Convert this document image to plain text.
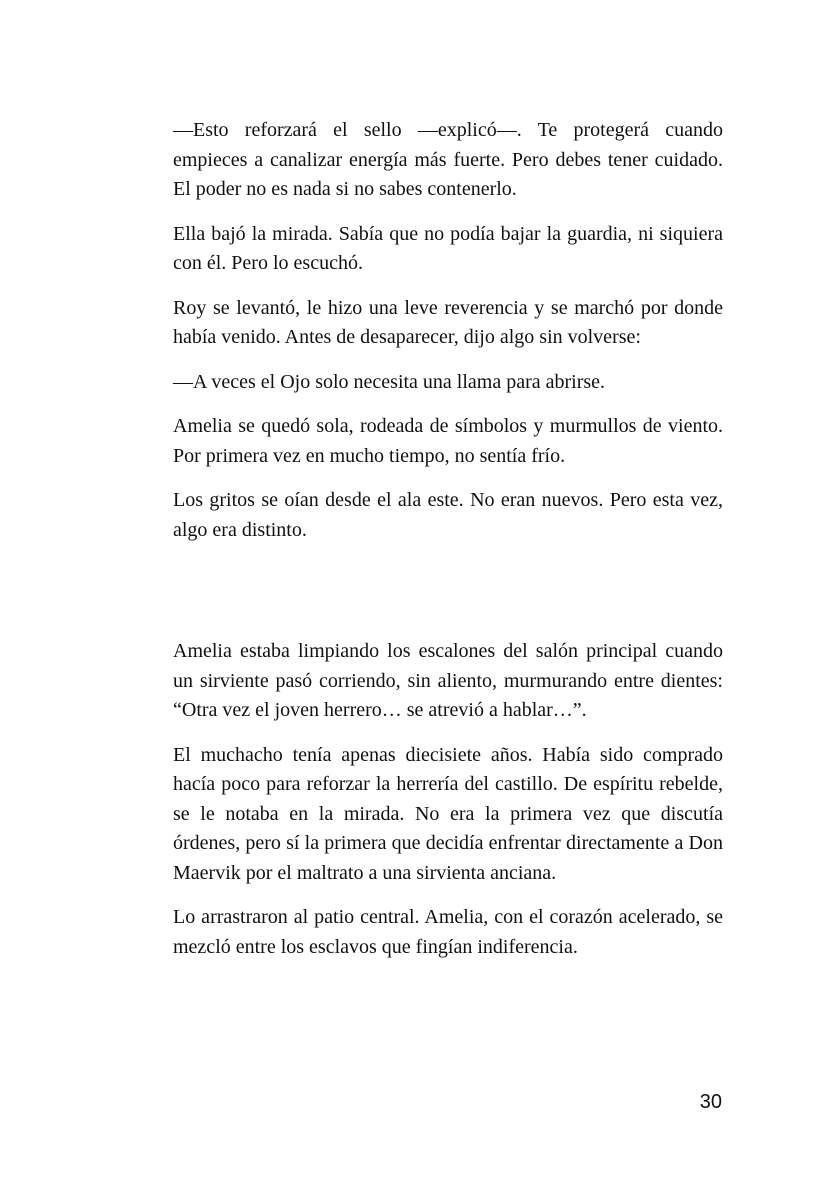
—Esto reforzará el sello —explicó—. Te protegerá cuando empieces a canalizar energía más fuerte. Pero debes tener cuidado. El poder no es nada si no sabes contenerlo.

Ella bajó la mirada. Sabía que no podía bajar la guardia, ni siquiera con él. Pero lo escuchó.

Roy se levantó, le hizo una leve reverencia y se marchó por donde había venido. Antes de desaparecer, dijo algo sin volverse:

—A veces el Ojo solo necesita una llama para abrirse.

Amelia se quedó sola, rodeada de símbolos y murmullos de viento. Por primera vez en mucho tiempo, no sentía frío.

Los gritos se oían desde el ala este. No eran nuevos. Pero esta vez, algo era distinto.

Amelia estaba limpiando los escalones del salón principal cuando un sirviente pasó corriendo, sin aliento, murmurando entre dientes: “Otra vez el joven herrero… se atrevió a hablar…”.

El muchacho tenía apenas diecisiete años. Había sido comprado hacía poco para reforzar la herrería del castillo. De espíritu rebelde, se le notaba en la mirada. No era la primera vez que discutía órdenes, pero sí la primera que decidía enfrentar directamente a Don Maervik por el maltrato a una sirvienta anciana.

Lo arrastraron al patio central. Amelia, con el corazón acelerado, se mezcló entre los esclavos que fingían indiferencia.

30
